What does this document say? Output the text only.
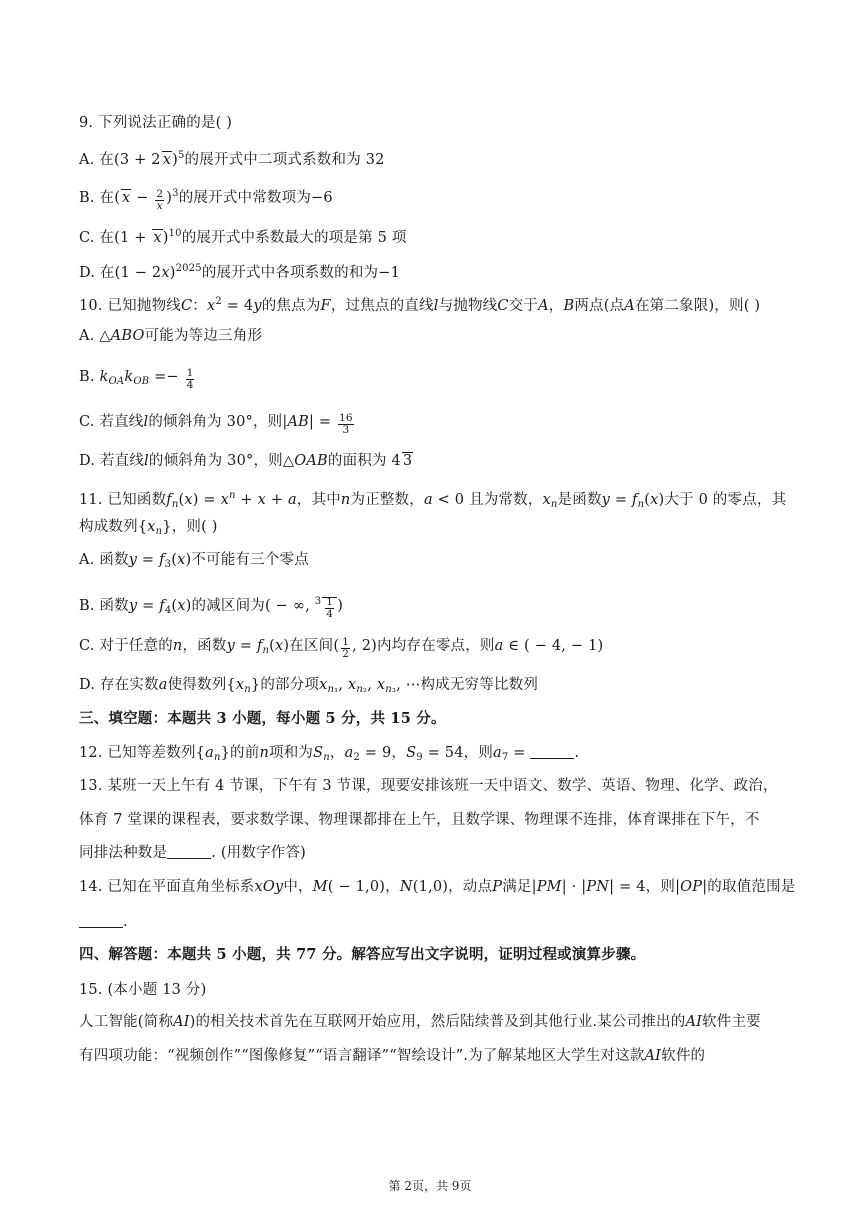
9. 下列说法正确的是( )
A. 在(3 + 2 x)$^5$的展开式中二项式系数和为 32
B. 在( $x - \frac{2}{x} )^3$的展开式中常数项为−6
C. 在$(1 + x)^{10}$的展开式中系数最大的项是第 5 项
D. 在$(1 - 2x)^{2025}$的展开式中各项系数的和为−1
10. 已知抛物线C：$x^2 = 4y$的焦点为F，过焦点的直线l与抛物线C交于A，B两点(点A在第二象限)，则( )
A. △ABO可能为等边三角形
B. $k_{OA}k_{OB} =- \frac{1}{4}$
C. 若直线l的倾斜角为 30°，则$|AB| = \frac{16}{3}$
D. 若直线l的倾斜角为 30°，则△OAB的面积为 4 3
11. 已知函数$f_n(x) = x^n + x + a$，其中n为正整数，a < 0 且为常数，$x_n$是函数$y = f_n(x)$大于 0 的零点，其
构成数列$\{x_n\}$，则( )
A. 函数$y = f_3(x)$不可能有三个零点
B. 函数$y = f_4(x)$的减区间为( − ∞, $^3 \frac{1}{4}$ )
C. 对于任意的n，函数$y = f_n(x)$在区间( $\frac{1}{2}$ , 2)内均存在零点，则a ∈ ( − 4, − 1)
D. 存在实数a使得数列$\{x_n\}$的部分项$x_{n_1}$, $x_{n_2}$, $x_{n_3}$, ⋯构成无穷等比数列
三、填空题：本题共 3 小题，每小题 5 分，共 15 分。
12. 已知等差数列$\{a_n\}$的前n项和为$S_n$，$a_2 = 9$，$S_9 = 54$，则$a_7$ =	.
13. 某班一天上午有 4 节课，下午有 3 节课，现要安排该班一天中语文、数学、英语、物理、化学、政治，
体育 7 堂课的课程表，要求数学课、物理课都排在上午，且数学课、物理课不连排，体育课排在下午，不
同排法种数是	. (用数字作答)
14. 已知在平面直角坐标系xOy中，M( − 1,0)，N(1,0)，动点P满足|PM| · |PN| = 4，则|OP|的取值范围是
.
四、解答题：本题共 5 小题，共 77 分。解答应写出文字说明，证明过程或演算步骤。
15. (本小题 13 分)
人工智能(简称AI)的相关技术首先在互联网开始应用，然后陆续普及到其他行业.某公司推出的AI软件主要
有四项功能：“视频创作”“图像修复”“语言翻译”“智绘设计”.为了解某地区大学生对这款AI软件的
第 2页，共 9页
